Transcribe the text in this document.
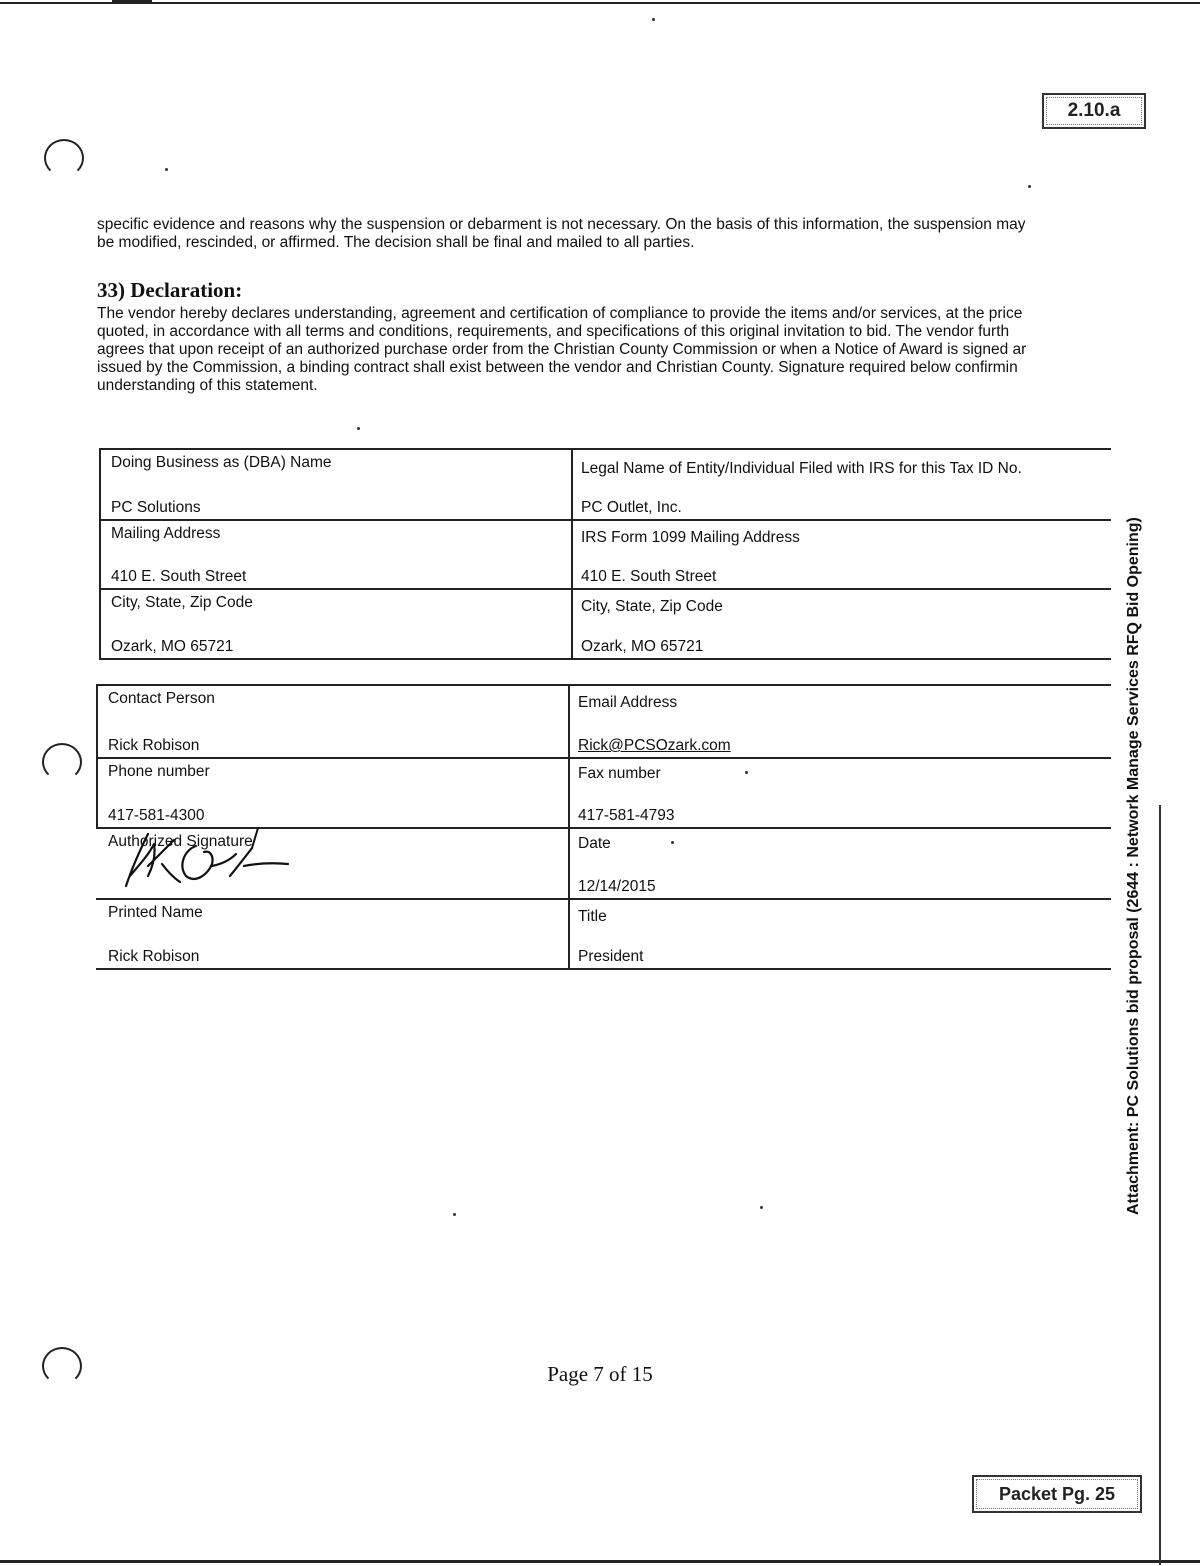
2.10.a
specific evidence and reasons why the suspension or debarment is not necessary. On the basis of this information, the suspension may
be modified, rescinded, or affirmed. The decision shall be final and mailed to all parties.
33) Declaration:
The vendor hereby declares understanding, agreement and certification of compliance to provide the items and/or services, at the price
quoted, in accordance with all terms and conditions, requirements, and specifications of this original invitation to bid. The vendor furth
agrees that upon receipt of an authorized purchase order from the Christian County Commission or when a Notice of Award is signed ar
issued by the Commission, a binding contract shall exist between the vendor and Christian County. Signature required below confirmin
understanding of this statement.
Doing Business as (DBA) Name
PC Solutions
Legal Name of Entity/Individual Filed with IRS for this Tax ID No.
PC Outlet, Inc.
Mailing Address
410 E. South Street
IRS Form 1099 Mailing Address
410 E. South Street
City, State, Zip Code
Ozark, MO 65721
City, State, Zip Code
Ozark, MO 65721
Contact Person
Rick Robison
Email Address
Rick@PCSOzark.com
Phone number
417-581-4300
Fax number
417-581-4793
Authorized Signature	Date
12/14/2015
Printed Name
Rick Robison
Title
President
Page 7 of 15
Packet Pg. 25
Attachment: PC Solutions bid proposal (2644 : Network Manage Services RFQ Bid Opening)
